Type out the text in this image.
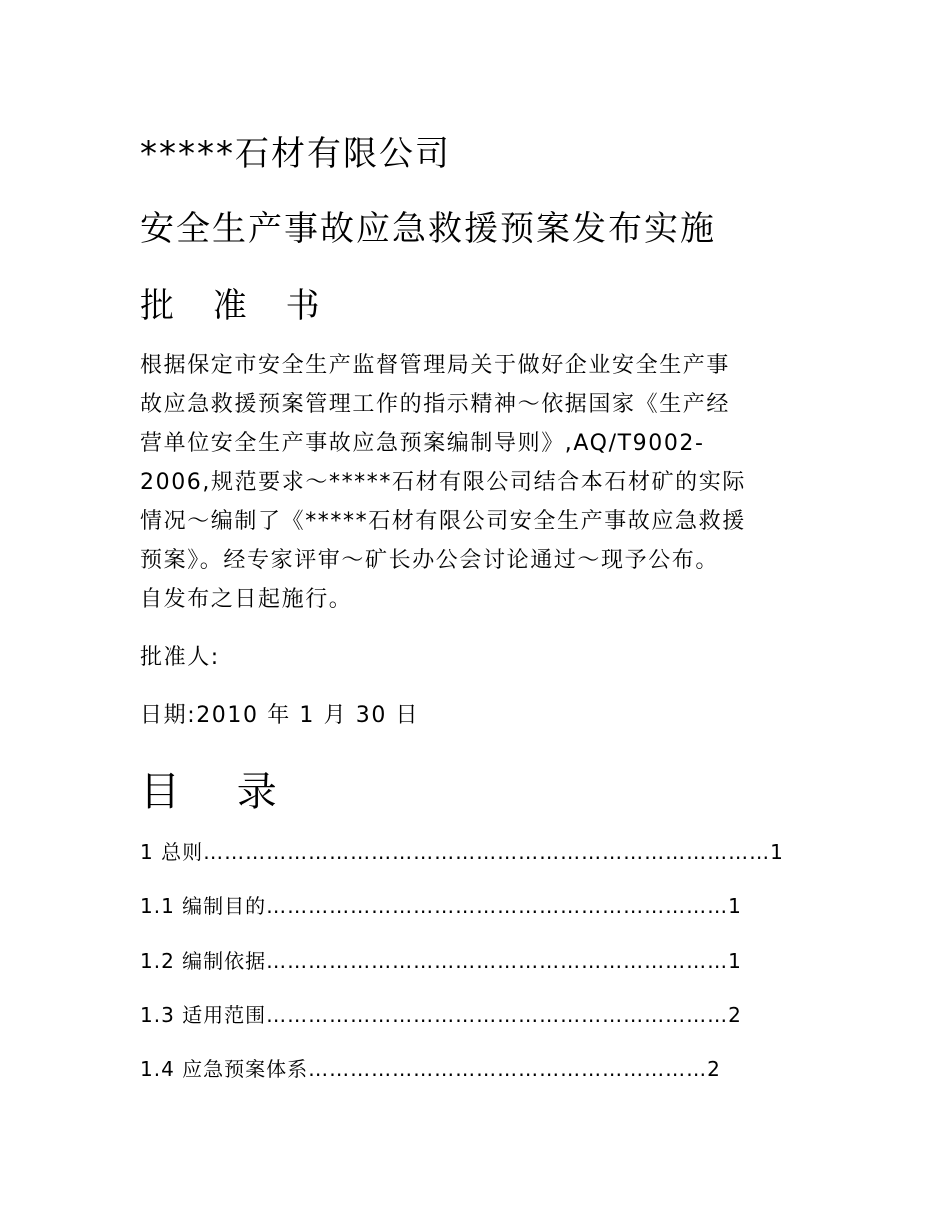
*****石材有限公司
安全生产事故应急救援预案发布实施
批 准 书
根据保定市安全生产监督管理局关于做好企业安全生产事
故应急救援预案管理工作的指示精神～依据国家《生产经
营单位安全生产事故应急预案编制导则》,AQ/T9002-
2006,规范要求～*****石材有限公司结合本石材矿的实际
情况～编制了《*****石材有限公司安全生产事故应急救援
预案》。经专家评审～矿长办公会讨论通过～现予公布。
自发布之日起施行。
批准人:
日期:2010 年 1 月 30 日
目 录
1 总则………………………………………………………………………1
1.1 编制目的…………………………………………………………1
1.2 编制依据…………………………………………………………1
1.3 适用范围…………………………………………………………2
1.4 应急预案体系…………………………………………………2
